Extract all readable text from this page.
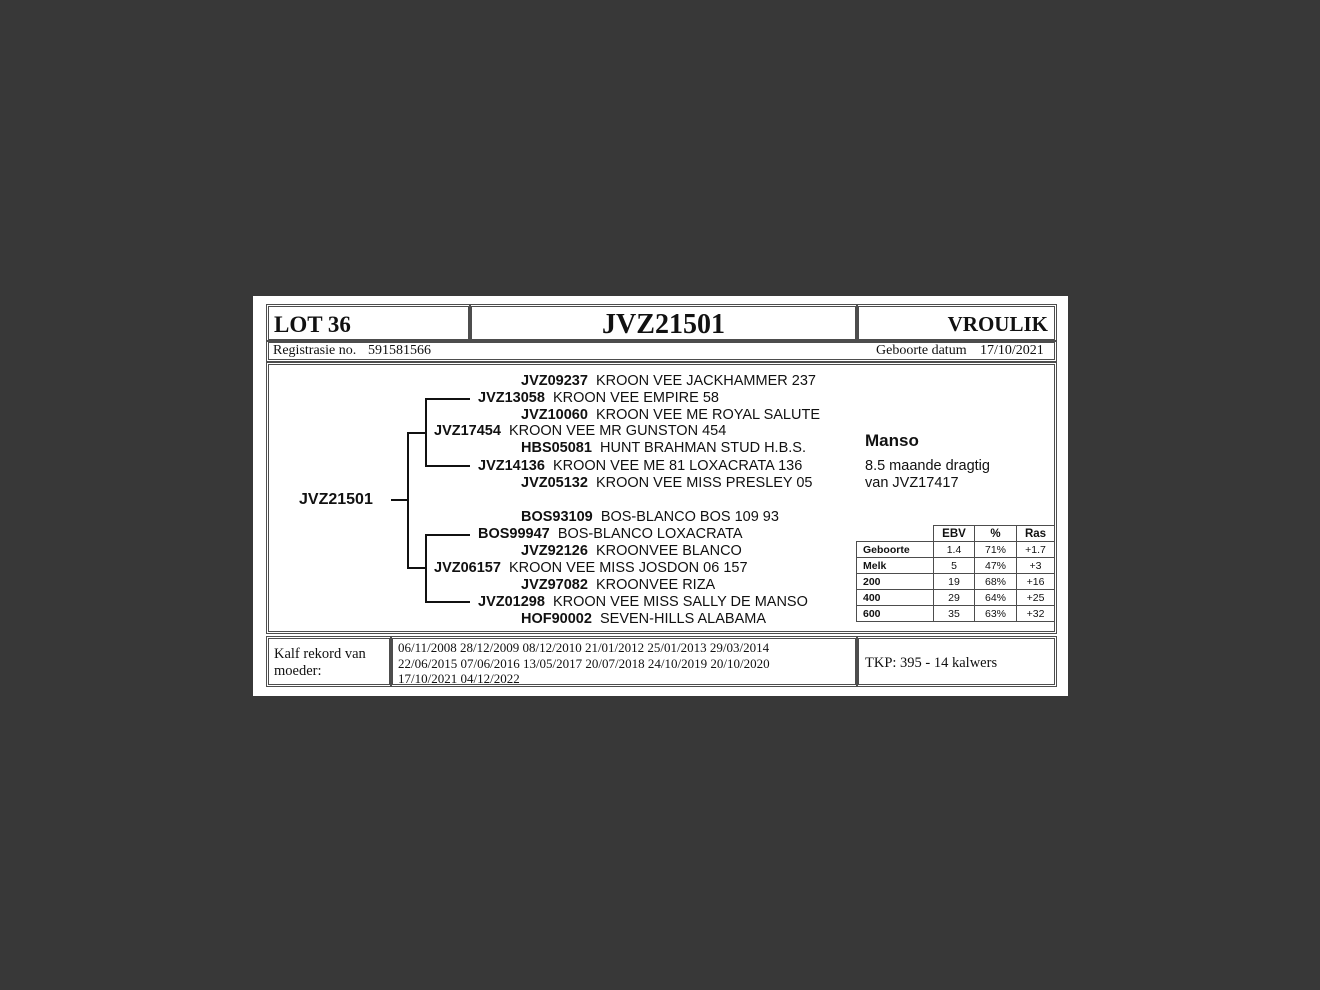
LOT 36	JVZ21501	VROULIK
Registrasie no. 591581566	Geboorte datum 17/10/2021
JVZ09237 KROON VEE JACKHAMMER 237
JVZ13058 KROON VEE EMPIRE 58
JVZ10060 KROON VEE ME ROYAL SALUTE
JVZ17454 KROON VEE MR GUNSTON 454
HBS05081 HUNT BRAHMAN STUD H.B.S.
JVZ14136 KROON VEE ME 81 LOXACRATA 136
JVZ05132 KROON VEE MISS PRESLEY 05
JVZ21501
BOS93109 BOS-BLANCO BOS 109 93
BOS99947 BOS-BLANCO LOXACRATA
JVZ92126 KROONVEE BLANCO
JVZ06157 KROON VEE MISS JOSDON 06 157
JVZ97082 KROONVEE RIZA
JVZ01298 KROON VEE MISS SALLY DE MANSO
HOF90002 SEVEN-HILLS ALABAMA
Manso
8.5 maande dragtig
van JVZ17417
	EBV	%	Ras
Geboorte	1.4	71%	+1.7
Melk	5	47%	+3
200	19	68%	+16
400	29	64%	+25
600	35	63%	+32
Kalf rekord van
moeder:
06/11/2008 28/12/2009 08/12/2010 21/01/2012 25/01/2013 29/03/2014
22/06/2015 07/06/2016 13/05/2017 20/07/2018 24/10/2019 20/10/2020
17/10/2021 04/12/2022
TKP: 395 - 14 kalwers
